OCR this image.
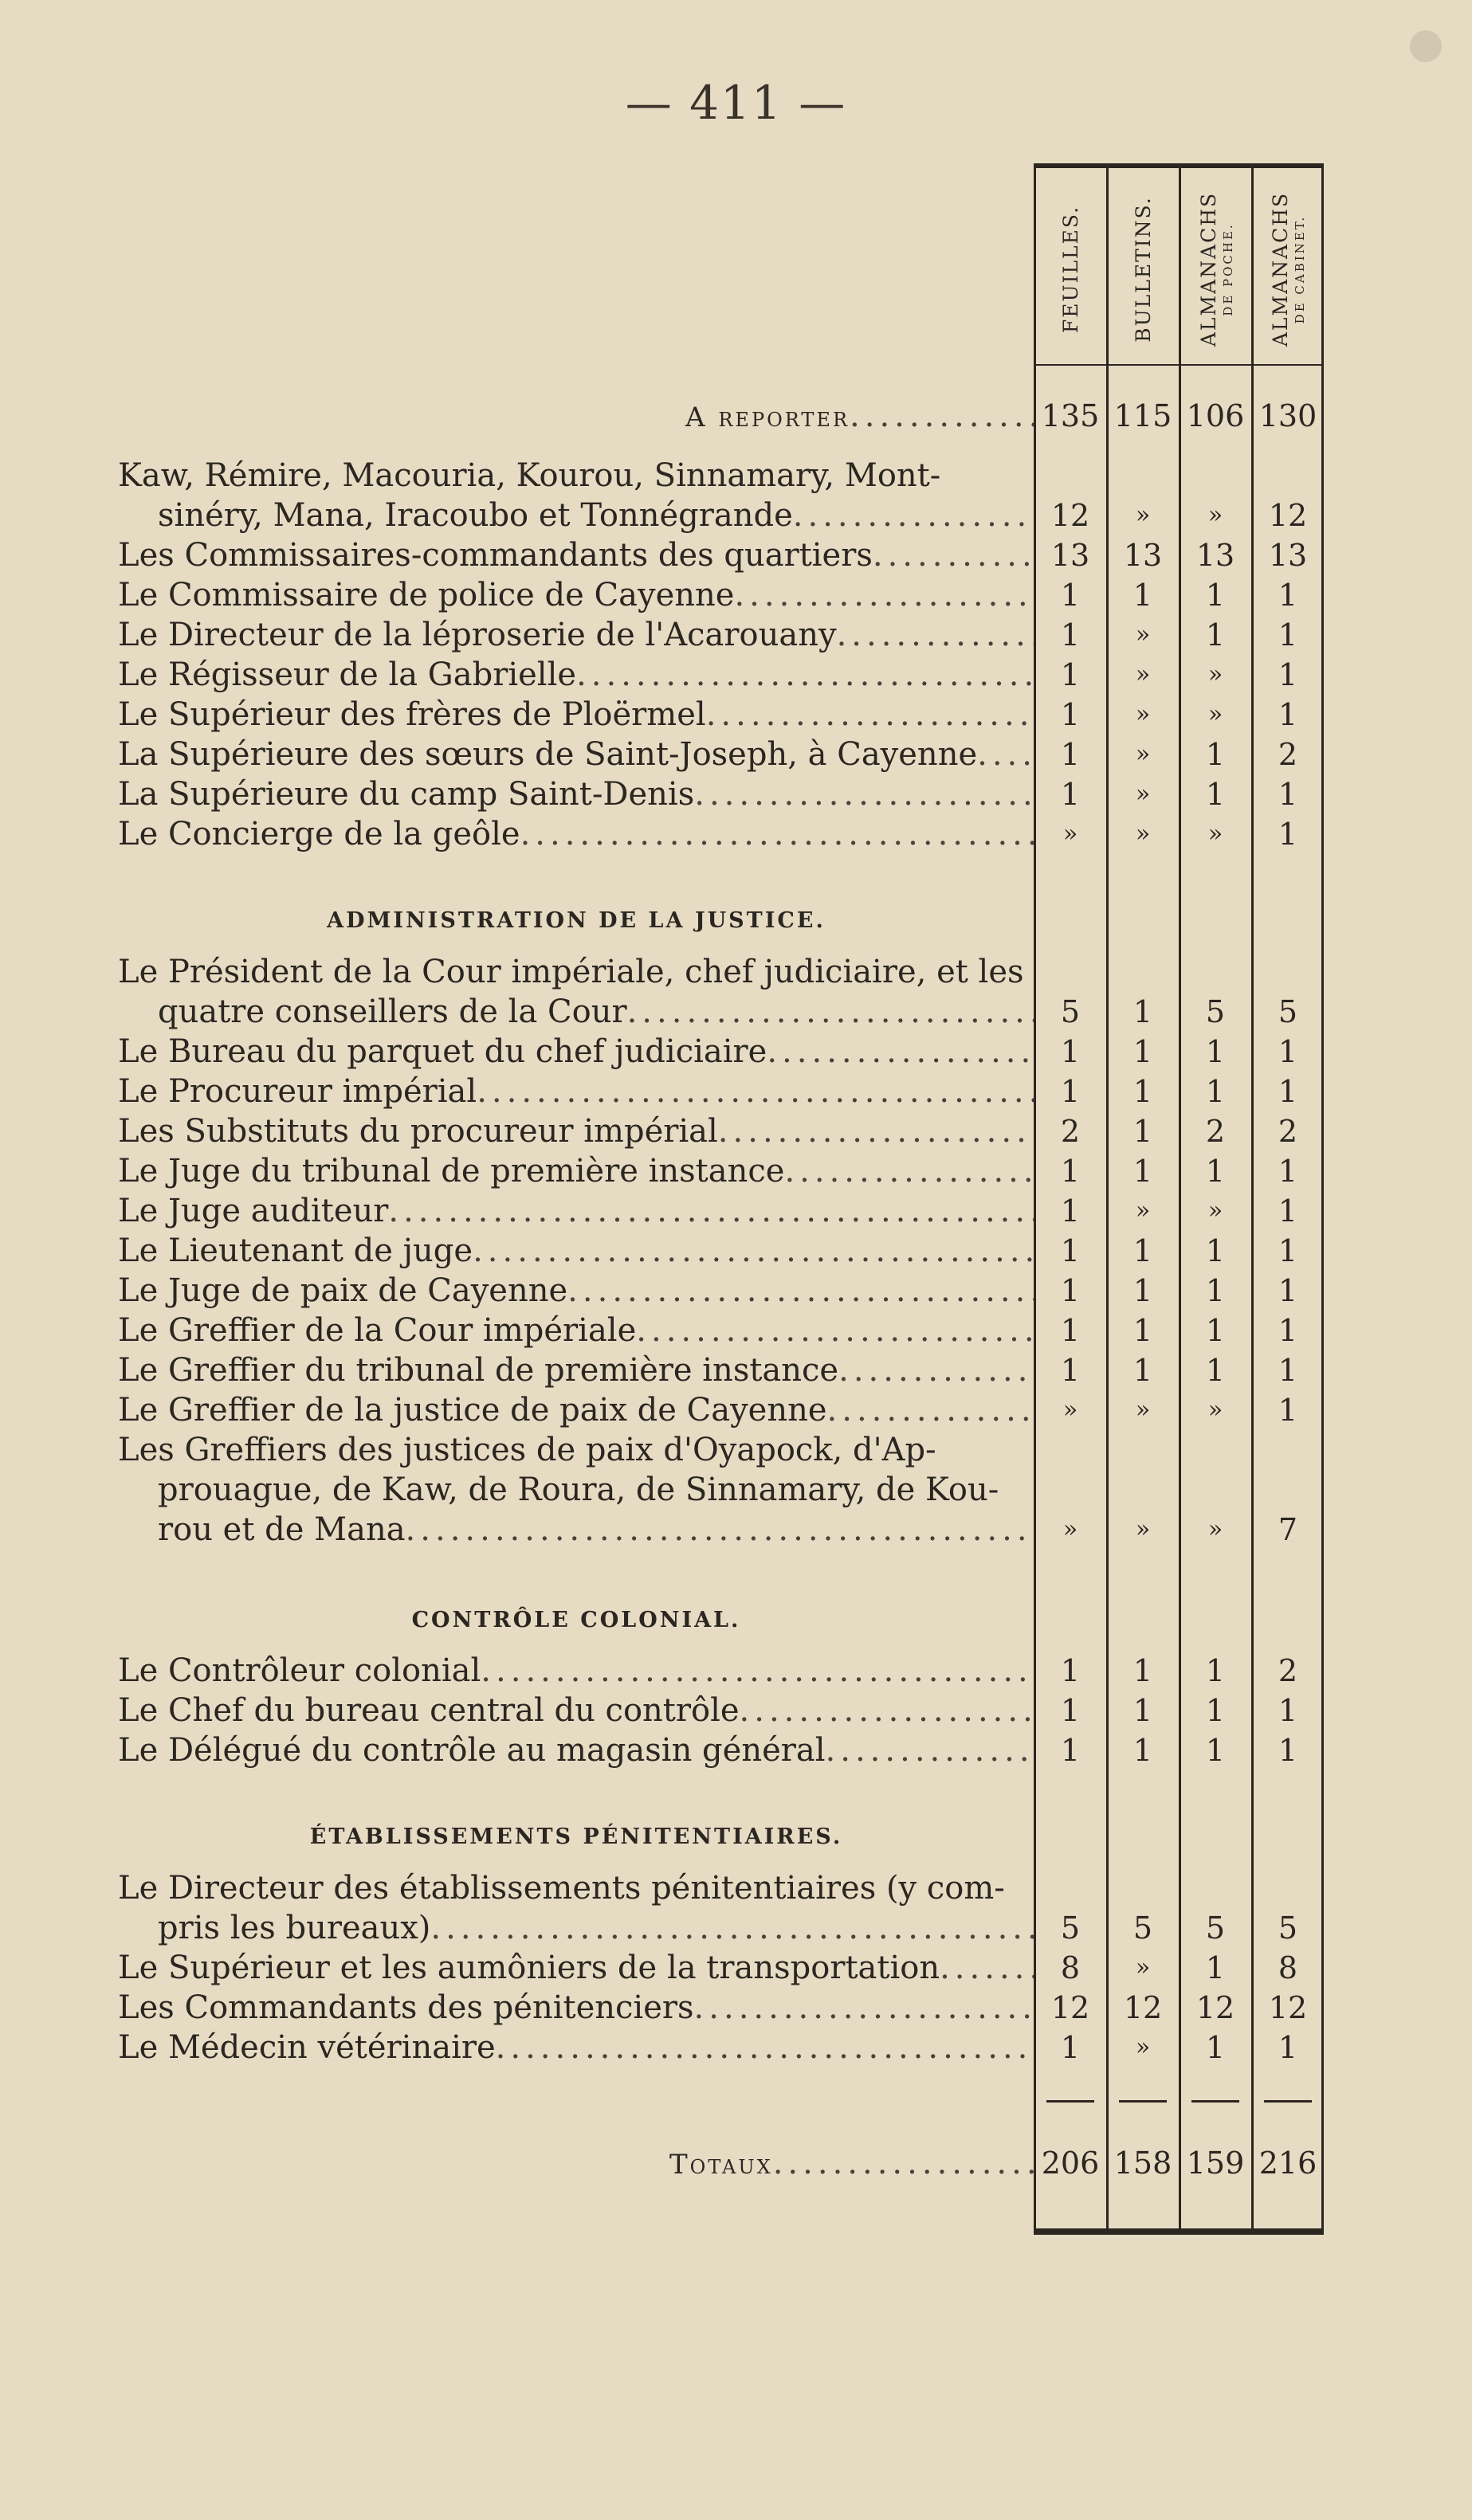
— 411 —
FEUILLES. BULLETINS. ALMANACHS DE POCHE. ALMANACHS DE CABINET.
A reporter .....	135 115 106 130
Kaw, Rémire, Macouria, Kourou, Sinnamary, Mont-
sinéry, Mana, Iracoubo et Tonnégrande .....	12	»	»	12
Les Commissaires-commandants des quartiers .....	13	13	13	13
Le Commissaire de police de Cayenne .....	1	1	1	1
Le Directeur de la léproserie de l'Acarouany .....	1	»	1	1
Le Régisseur de la Gabrielle .....	1	»	»	1
Le Supérieur des frères de Ploërmel .....	1	»	»	1
La Supérieure des sœurs de Saint-Joseph, à Cayenne .....	1	»	1	2
La Supérieure du camp Saint-Denis .....	1	»	1	1
Le Concierge de la geôle .....	»	»	»	1
ADMINISTRATION DE LA JUSTICE.
Le Président de la Cour impériale, chef judiciaire, et les
quatre conseillers de la Cour .....	5	1	5	5
Le Bureau du parquet du chef judiciaire .....	1	1	1	1
Le Procureur impérial .....	1	1	1	1
Les Substituts du procureur impérial .....	2	1	2	2
Le Juge du tribunal de première instance .....	1	1	1	1
Le Juge auditeur .....	1	»	»	1
Le Lieutenant de juge .....	1	1	1	1
Le Juge de paix de Cayenne .....	1	1	1	1
Le Greffier de la Cour impériale .....	1	1	1	1
Le Greffier du tribunal de première instance .....	1	1	1	1
Le Greffier de la justice de paix de Cayenne .....	»	»	»	1
Les Greffiers des justices de paix d'Oyapock, d'Ap-
prouague, de Kaw, de Roura, de Sinnamary, de Kou-
rou et de Mana .....	»	»	»	7
CONTRÔLE COLONIAL.
Le Contrôleur colonial .....	1	1	1	2
Le Chef du bureau central du contrôle .....	1	1	1	1
Le Délégué du contrôle au magasin général .....	1	1	1	1
ÉTABLISSEMENTS PÉNITENTIAIRES.
Le Directeur des établissements pénitentiaires (y com-
pris les bureaux) .....	5	5	5	5
Le Supérieur et les aumôniers de la transportation .....	8	»	1	8
Les Commandants des pénitenciers .....	12	12	12	12
Le Médecin vétérinaire .....	1	»	1	1
Totaux .....	206 158 159 216
